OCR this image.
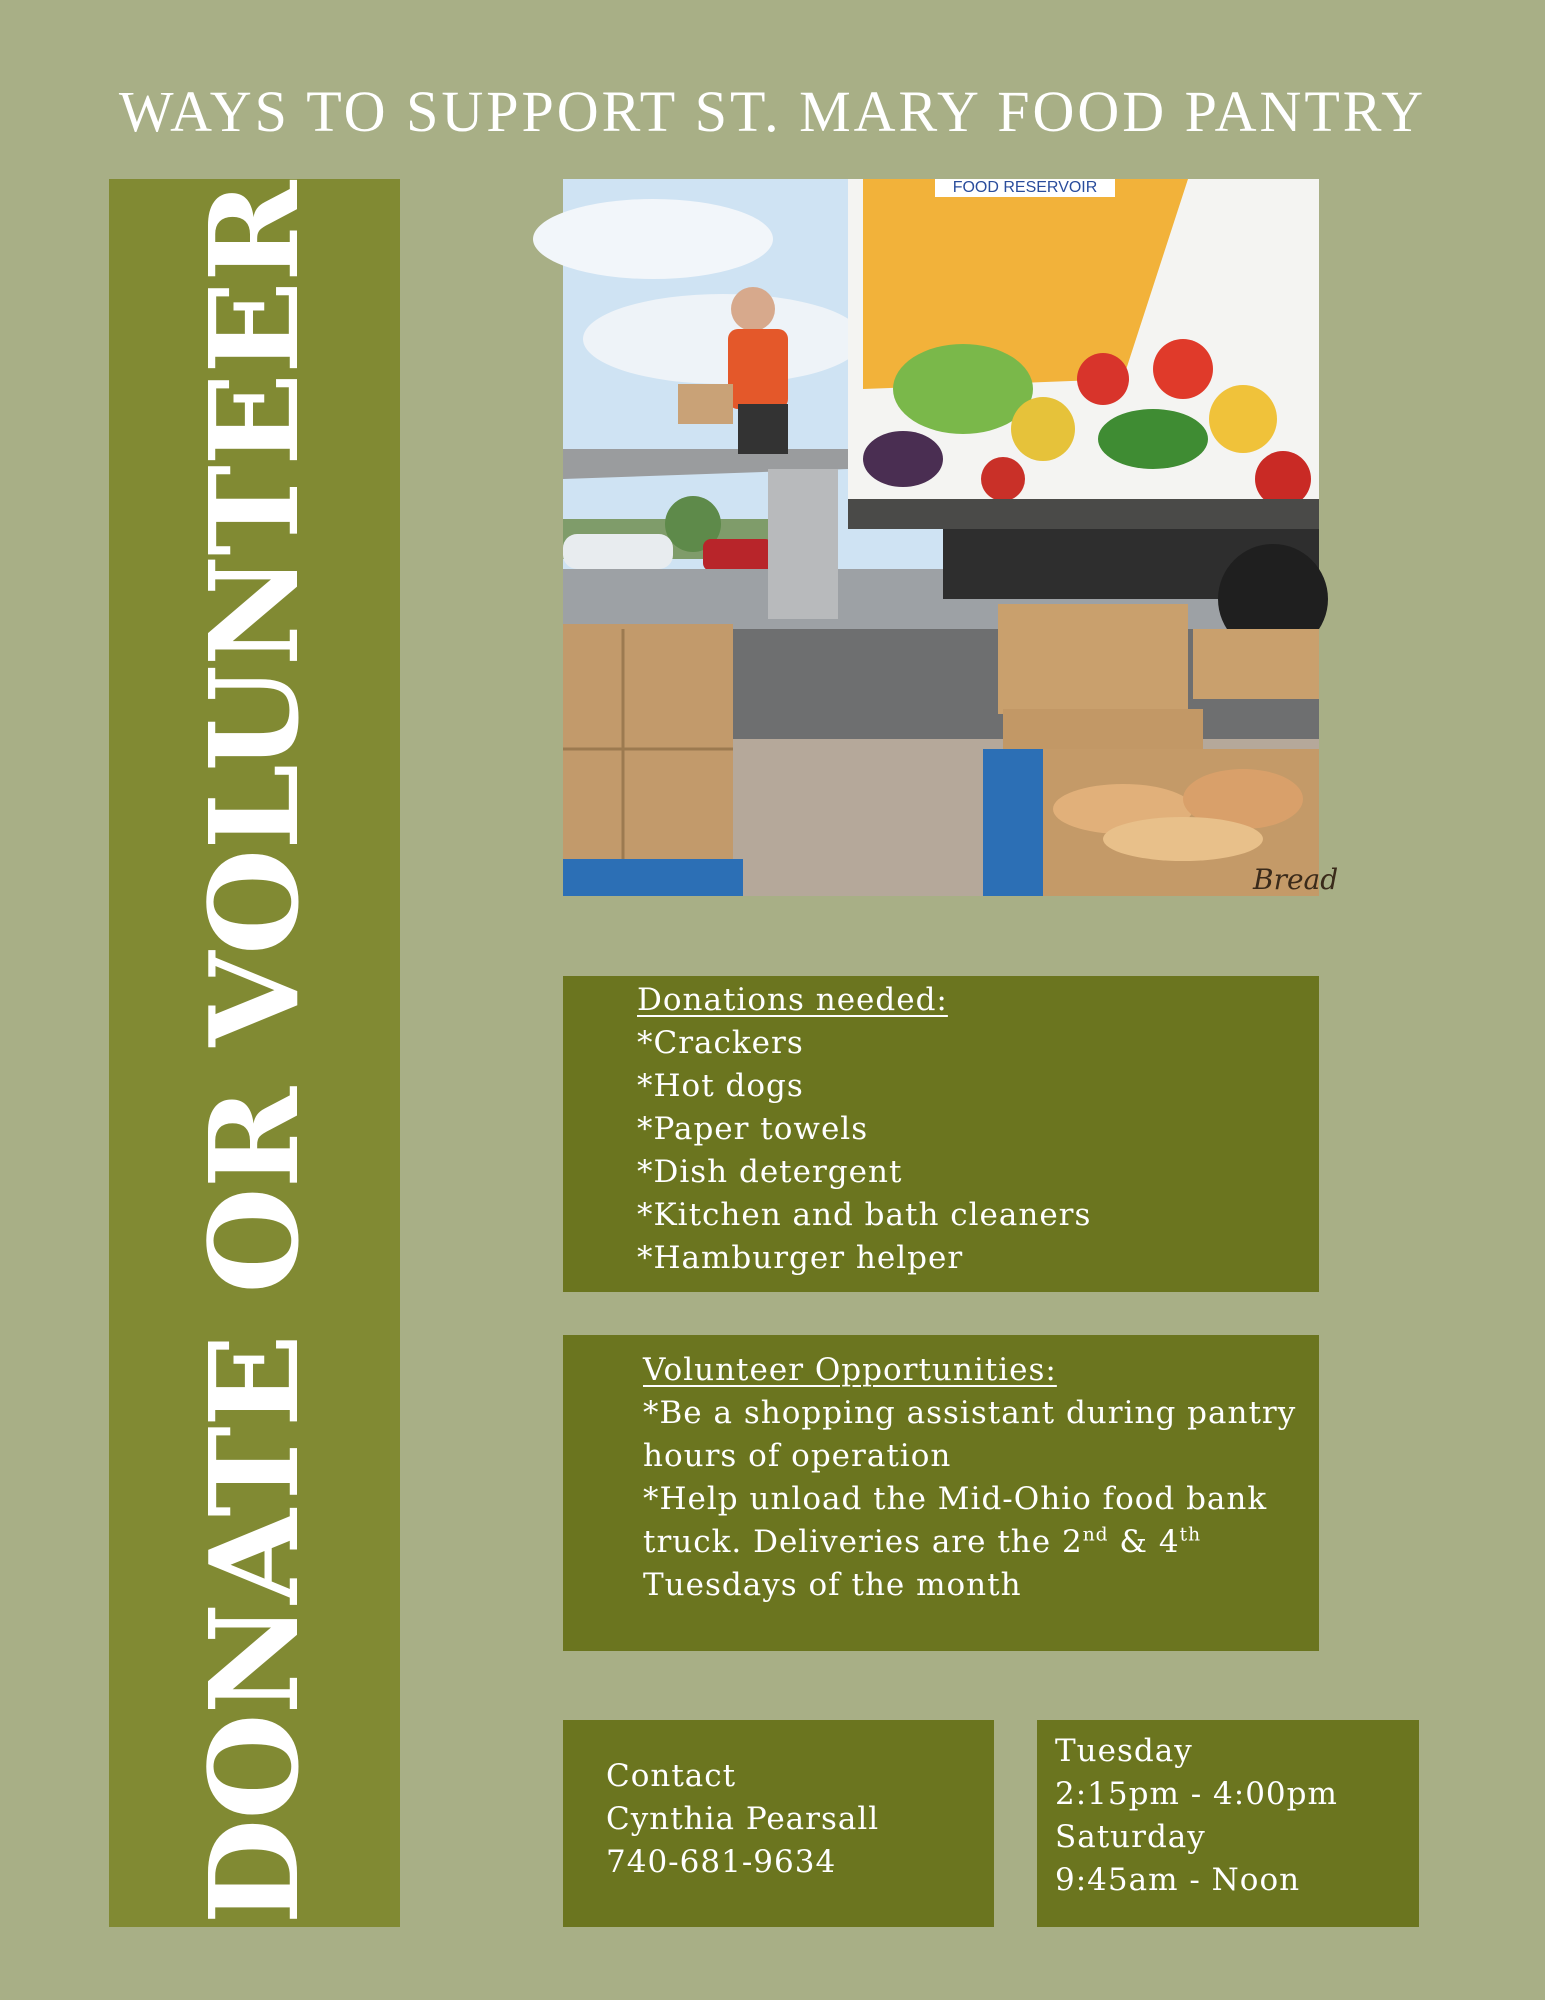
WAYS TO SUPPORT ST. MARY FOOD PANTRY
DONATE OR VOLUNTEER	FOOD RESERVOIR
Bread
Donations needed:
*Crackers
*Hot dogs
*Paper towels
*Dish detergent
*Kitchen and bath cleaners
*Hamburger helper
Volunteer Opportunities:
*Be a shopping assistant during pantry
hours of operation
*Help unload the Mid-Ohio food bank
truck. Deliveries are the 2nd & 4th
Tuesdays of the month
Contact
Cynthia Pearsall
740-681-9634
Tuesday
2:15pm - 4:00pm
Saturday
9:45am - Noon
